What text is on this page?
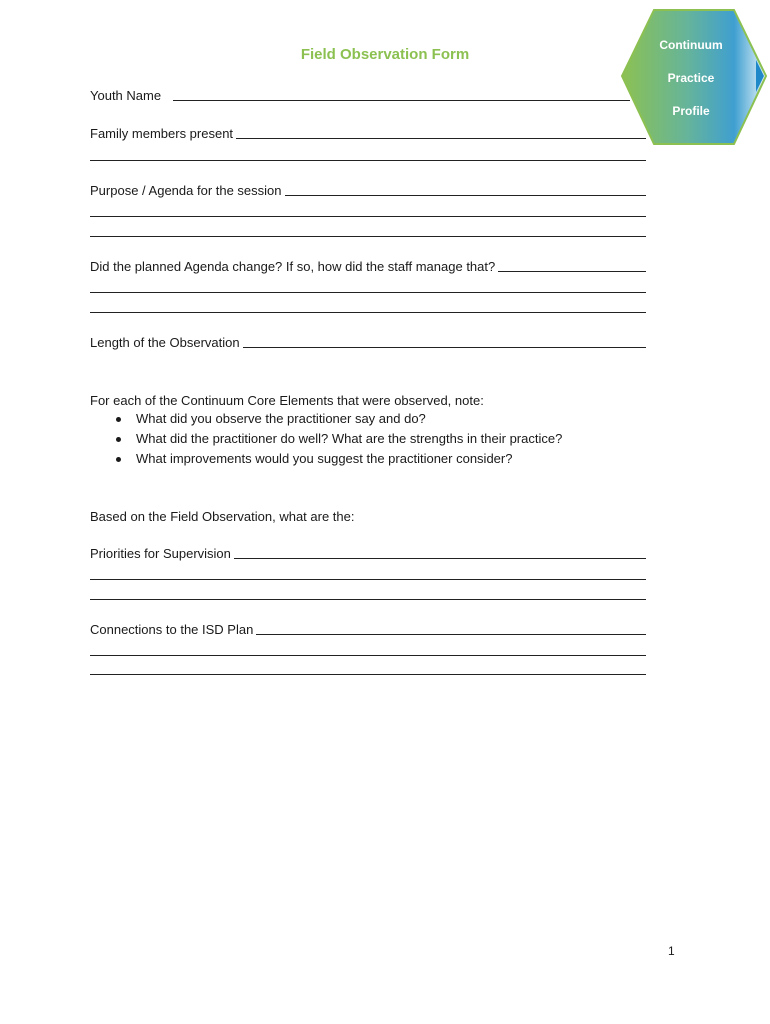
Field Observation Form
Continuum
Practice
Profile
Youth Name
Family members present
Purpose / Agenda for the session
Did the planned Agenda change? If so, how did the staff manage that?
Length of the Observation
For each of the Continuum Core Elements that were observed, note:
What did you observe the practitioner say and do?
What did the practitioner do well? What are the strengths in their practice?
What improvements would you suggest the practitioner consider?
Based on the Field Observation, what are the:
Priorities for Supervision
Connections to the ISD Plan
1
